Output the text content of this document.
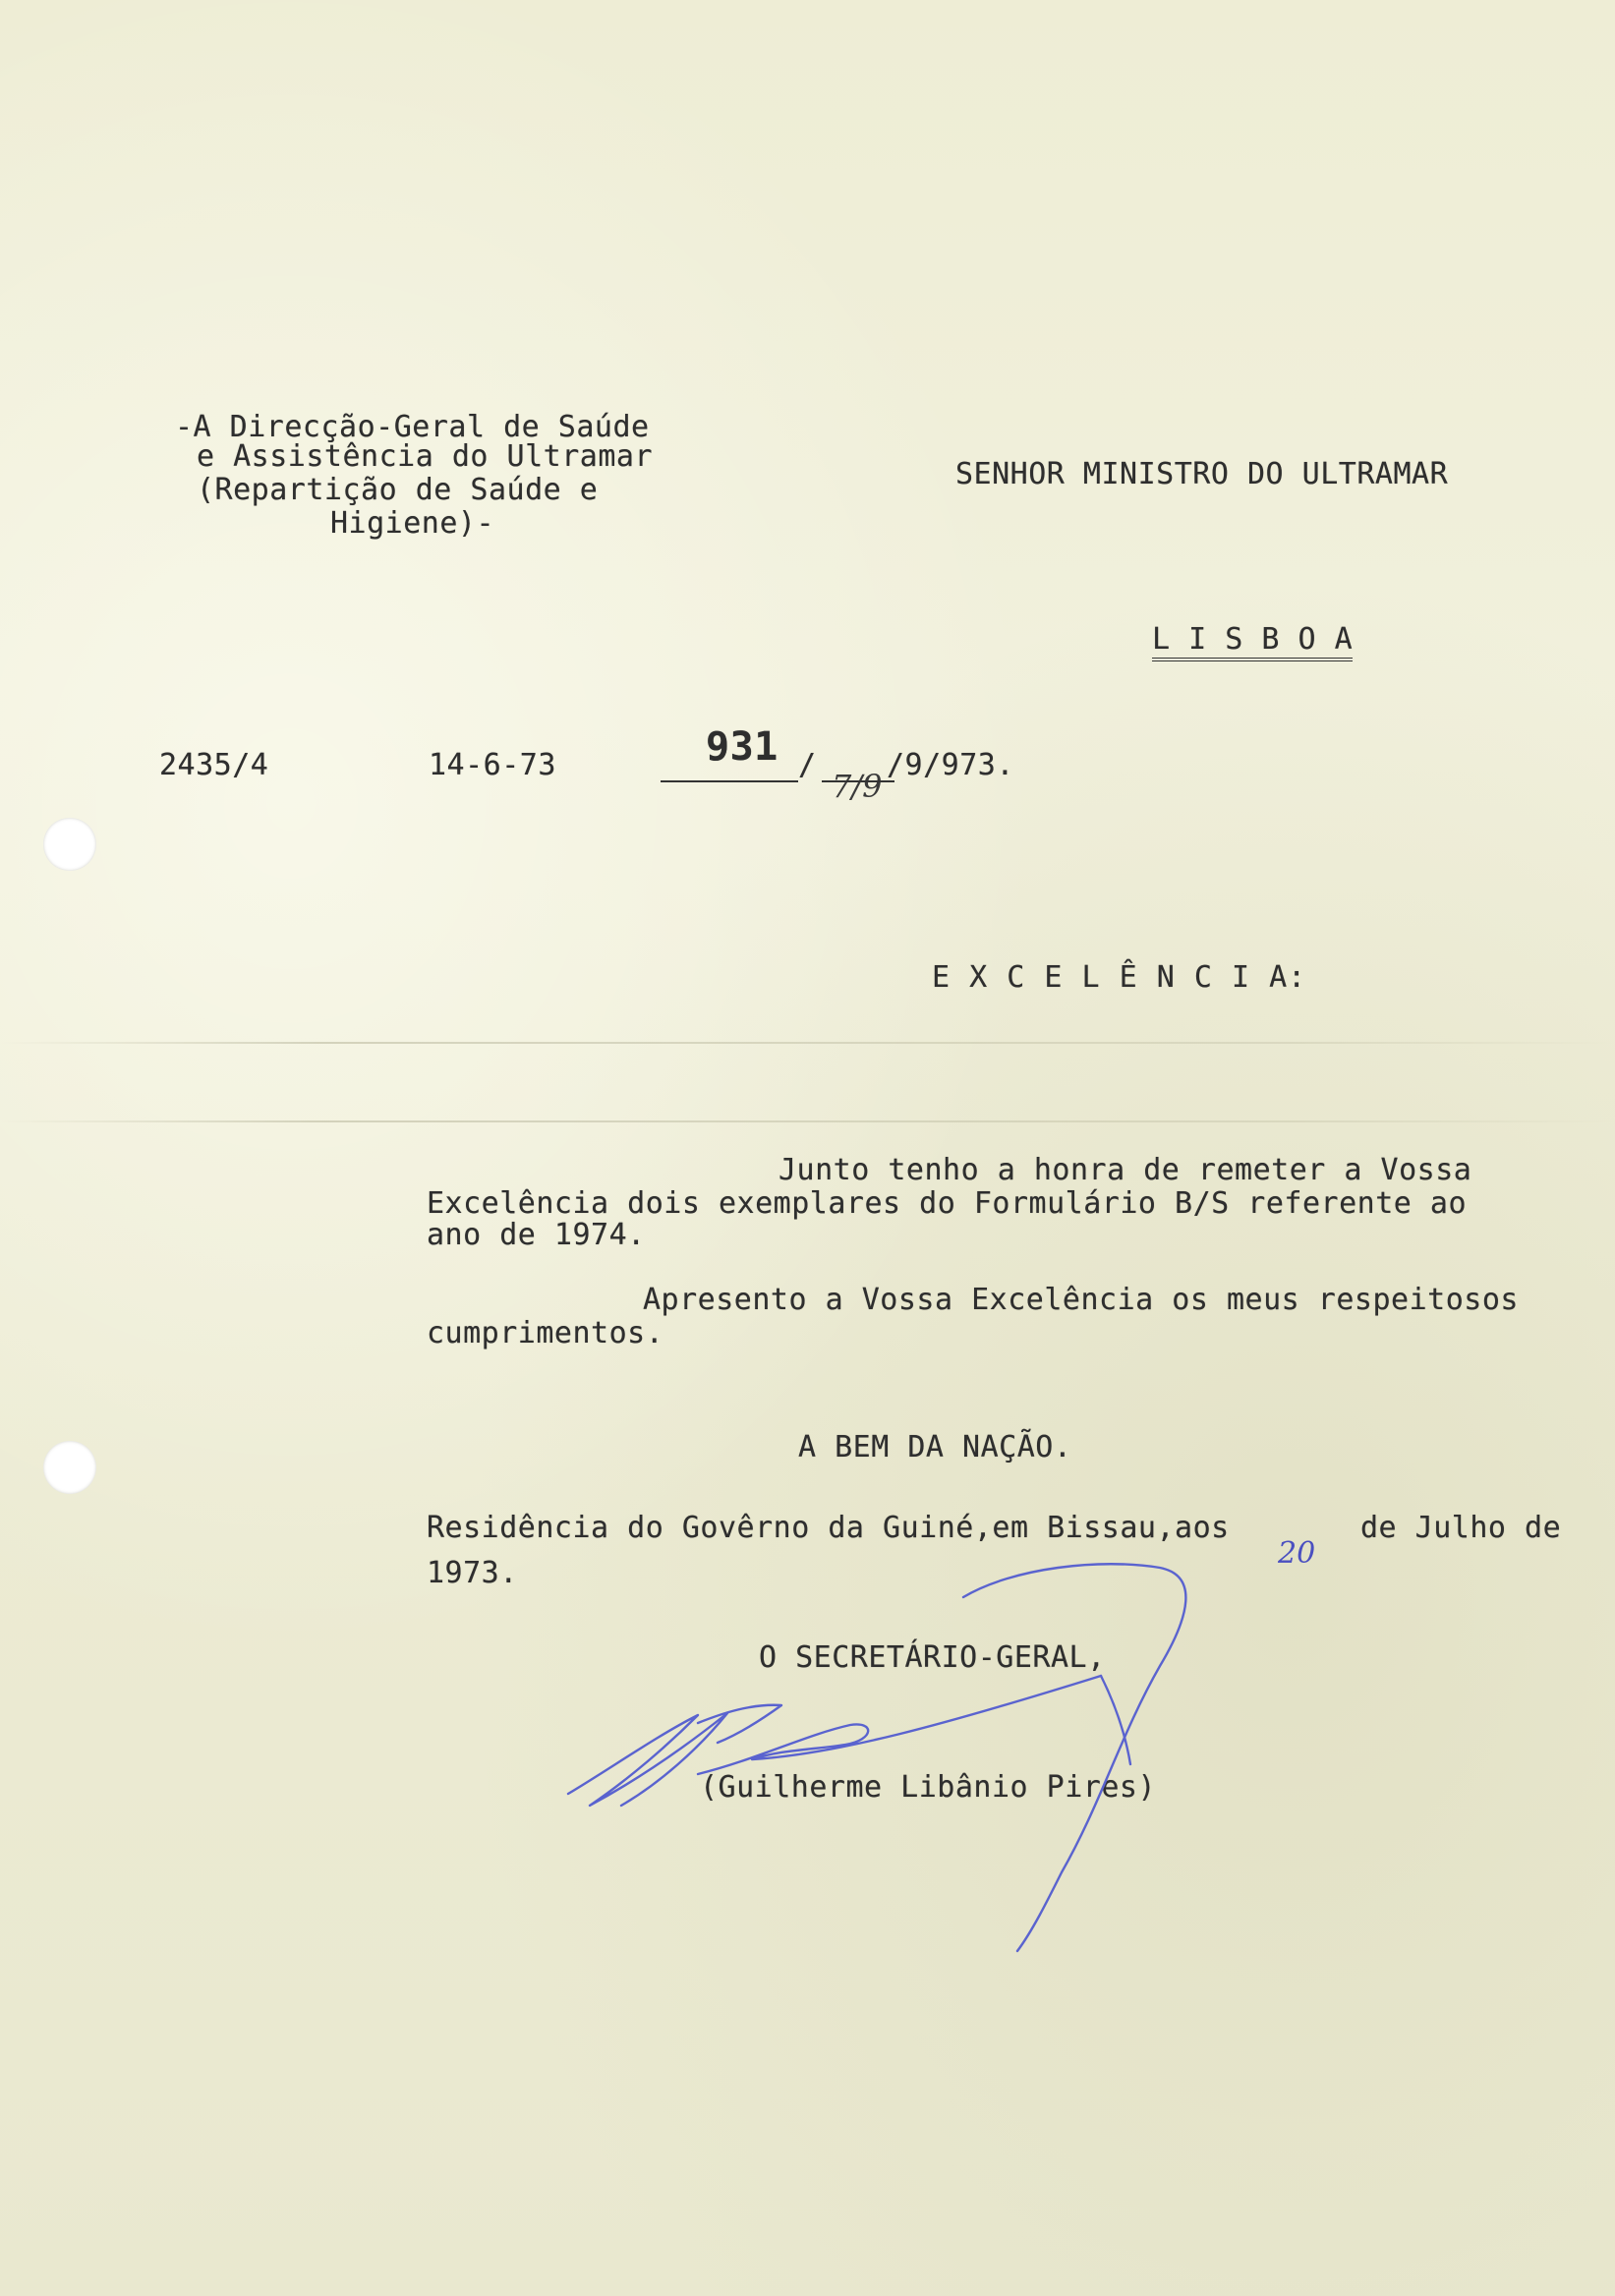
-A Direcção-Geral de Saúde

e Assistência do Ultramar

(Repartição de Saúde e

Higiene)-

SENHOR MINISTRO DO ULTRAMAR

L I S B O A

2435/4	14-6-73	931 /

7/9

/9/973.

E X C E L Ê N C I A:

Junto tenho a honra de remeter a Vossa

Excelência dois exemplares do Formulário B/S referente ao

ano de 1974.

Apresento a Vossa Excelência os meus respeitosos

cumprimentos.

A BEM DA NAÇÃO.

Residência do Govêrno da Guiné,em Bissau,aos

20

de Julho de

1973.

O SECRETÁRIO-GERAL,

(Guilherme Libânio Pires)
